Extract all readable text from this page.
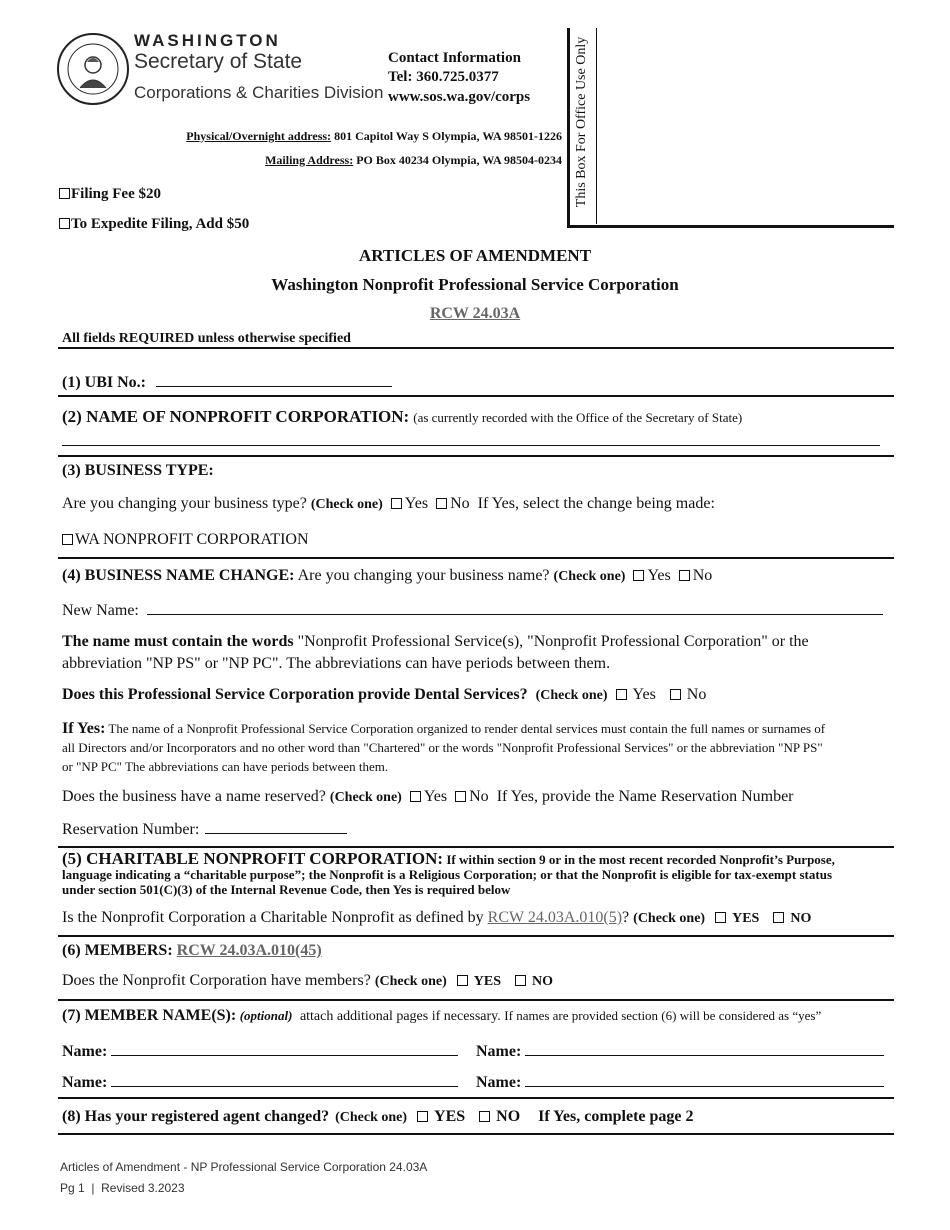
WASHINGTON
Secretary of State
Corporations & Charities Division
Contact Information
Tel: 360.725.0377
www.sos.wa.gov/corps
Physical/Overnight address: 801 Capitol Way S Olympia, WA 98501-1226
Mailing Address: PO Box 40234 Olympia, WA 98504-0234 This Box For Office Use Only
Filing Fee $20
To Expedite Filing, Add $50
ARTICLES OF AMENDMENT
Washington Nonprofit Professional Service Corporation
RCW 24.03A
All fields REQUIRED unless otherwise specified
(1) UBI No.:
(2) NAME OF NONPROFIT CORPORATION: (as currently recorded with the Office of the Secretary of State)
(3) BUSINESS TYPE:
Are you changing your business type? (Check one) Yes No If Yes, select the change being made:
WA NONPROFIT CORPORATION
(4) BUSINESS NAME CHANGE: Are you changing your business name? (Check one) Yes No
New Name:
The name must contain the words "Nonprofit Professional Service(s), "Nonprofit Professional Corporation" or the
abbreviation "NP PS" or "NP PC". The abbreviations can have periods between them.
Does this Professional Service Corporation provide Dental Services? (Check one) Yes No
If Yes: The name of a Nonprofit Professional Service Corporation organized to render dental services must contain the full names or surnames of
all Directors and/or Incorporators and no other word than "Chartered" or the words "Nonprofit Professional Services" or the abbreviation "NP PS"
or "NP PC" The abbreviations can have periods between them.
Does the business have a name reserved? (Check one) Yes No If Yes, provide the Name Reservation Number
Reservation Number:
(5) CHARITABLE NONPROFIT CORPORATION: If within section 9 or in the most recent recorded Nonprofit’s Purpose,
language indicating a “charitable purpose”; the Nonprofit is a Religious Corporation; or that the Nonprofit is eligible for tax-exempt status
under section 501(C)(3) of the Internal Revenue Code, then Yes is required below
Is the Nonprofit Corporation a Charitable Nonprofit as defined by RCW 24.03A.010(5)? (Check one) YES NO
(6) MEMBERS: RCW 24.03A.010(45)
Does the Nonprofit Corporation have members? (Check one) YES NO
(7) MEMBER NAME(S): (optional) attach additional pages if necessary. If names are provided section (6) will be considered as “yes”
Name:	Name:
Name:	Name:
(8) Has your registered agent changed? (Check one) YES NO If Yes, complete page 2
Articles of Amendment - NP Professional Service Corporation 24.03A
Pg 1  |  Revised 3.2023
